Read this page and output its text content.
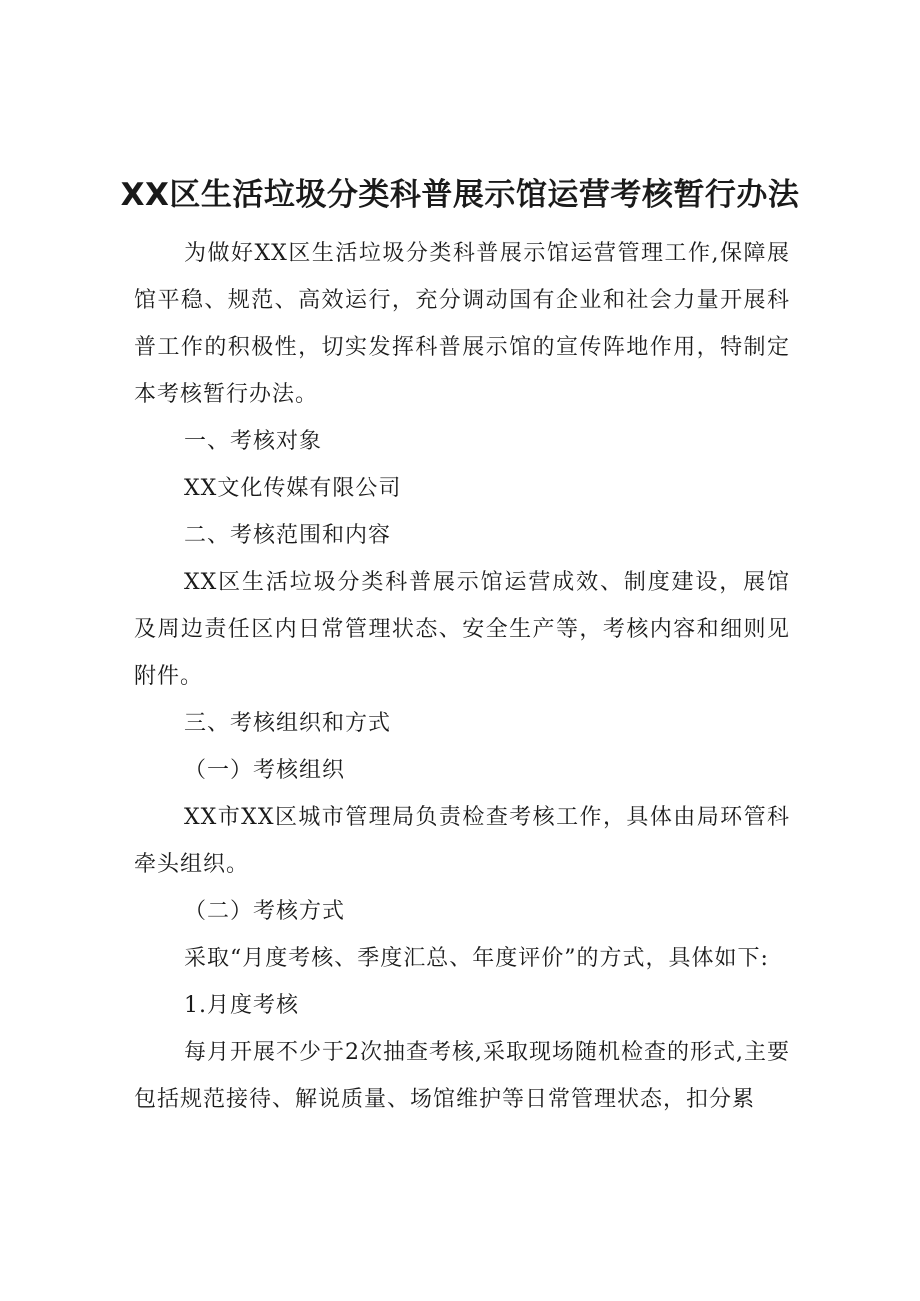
XX区生活垃圾分类科普展示馆运营考核暂行办法

为做好XX区生活垃圾分类科普展示馆运营管理工作,保障展馆平稳、规范、高效运行，充分调动国有企业和社会力量开展科普工作的积极性，切实发挥科普展示馆的宣传阵地作用，特制定本考核暂行办法。

一、考核对象

XX文化传媒有限公司

二、考核范围和内容

XX区生活垃圾分类科普展示馆运营成效、制度建设，展馆及周边责任区内日常管理状态、安全生产等，考核内容和细则见附件。

三、考核组织和方式

（一）考核组织

XX市XX区城市管理局负责检查考核工作，具体由局环管科牵头组织。

（二）考核方式

采取“月度考核、季度汇总、年度评价”的方式，具体如下:

1.月度考核

每月开展不少于2次抽查考核,采取现场随机检查的形式,主要包括规范接待、解说质量、场馆维护等日常管理状态，扣分累
